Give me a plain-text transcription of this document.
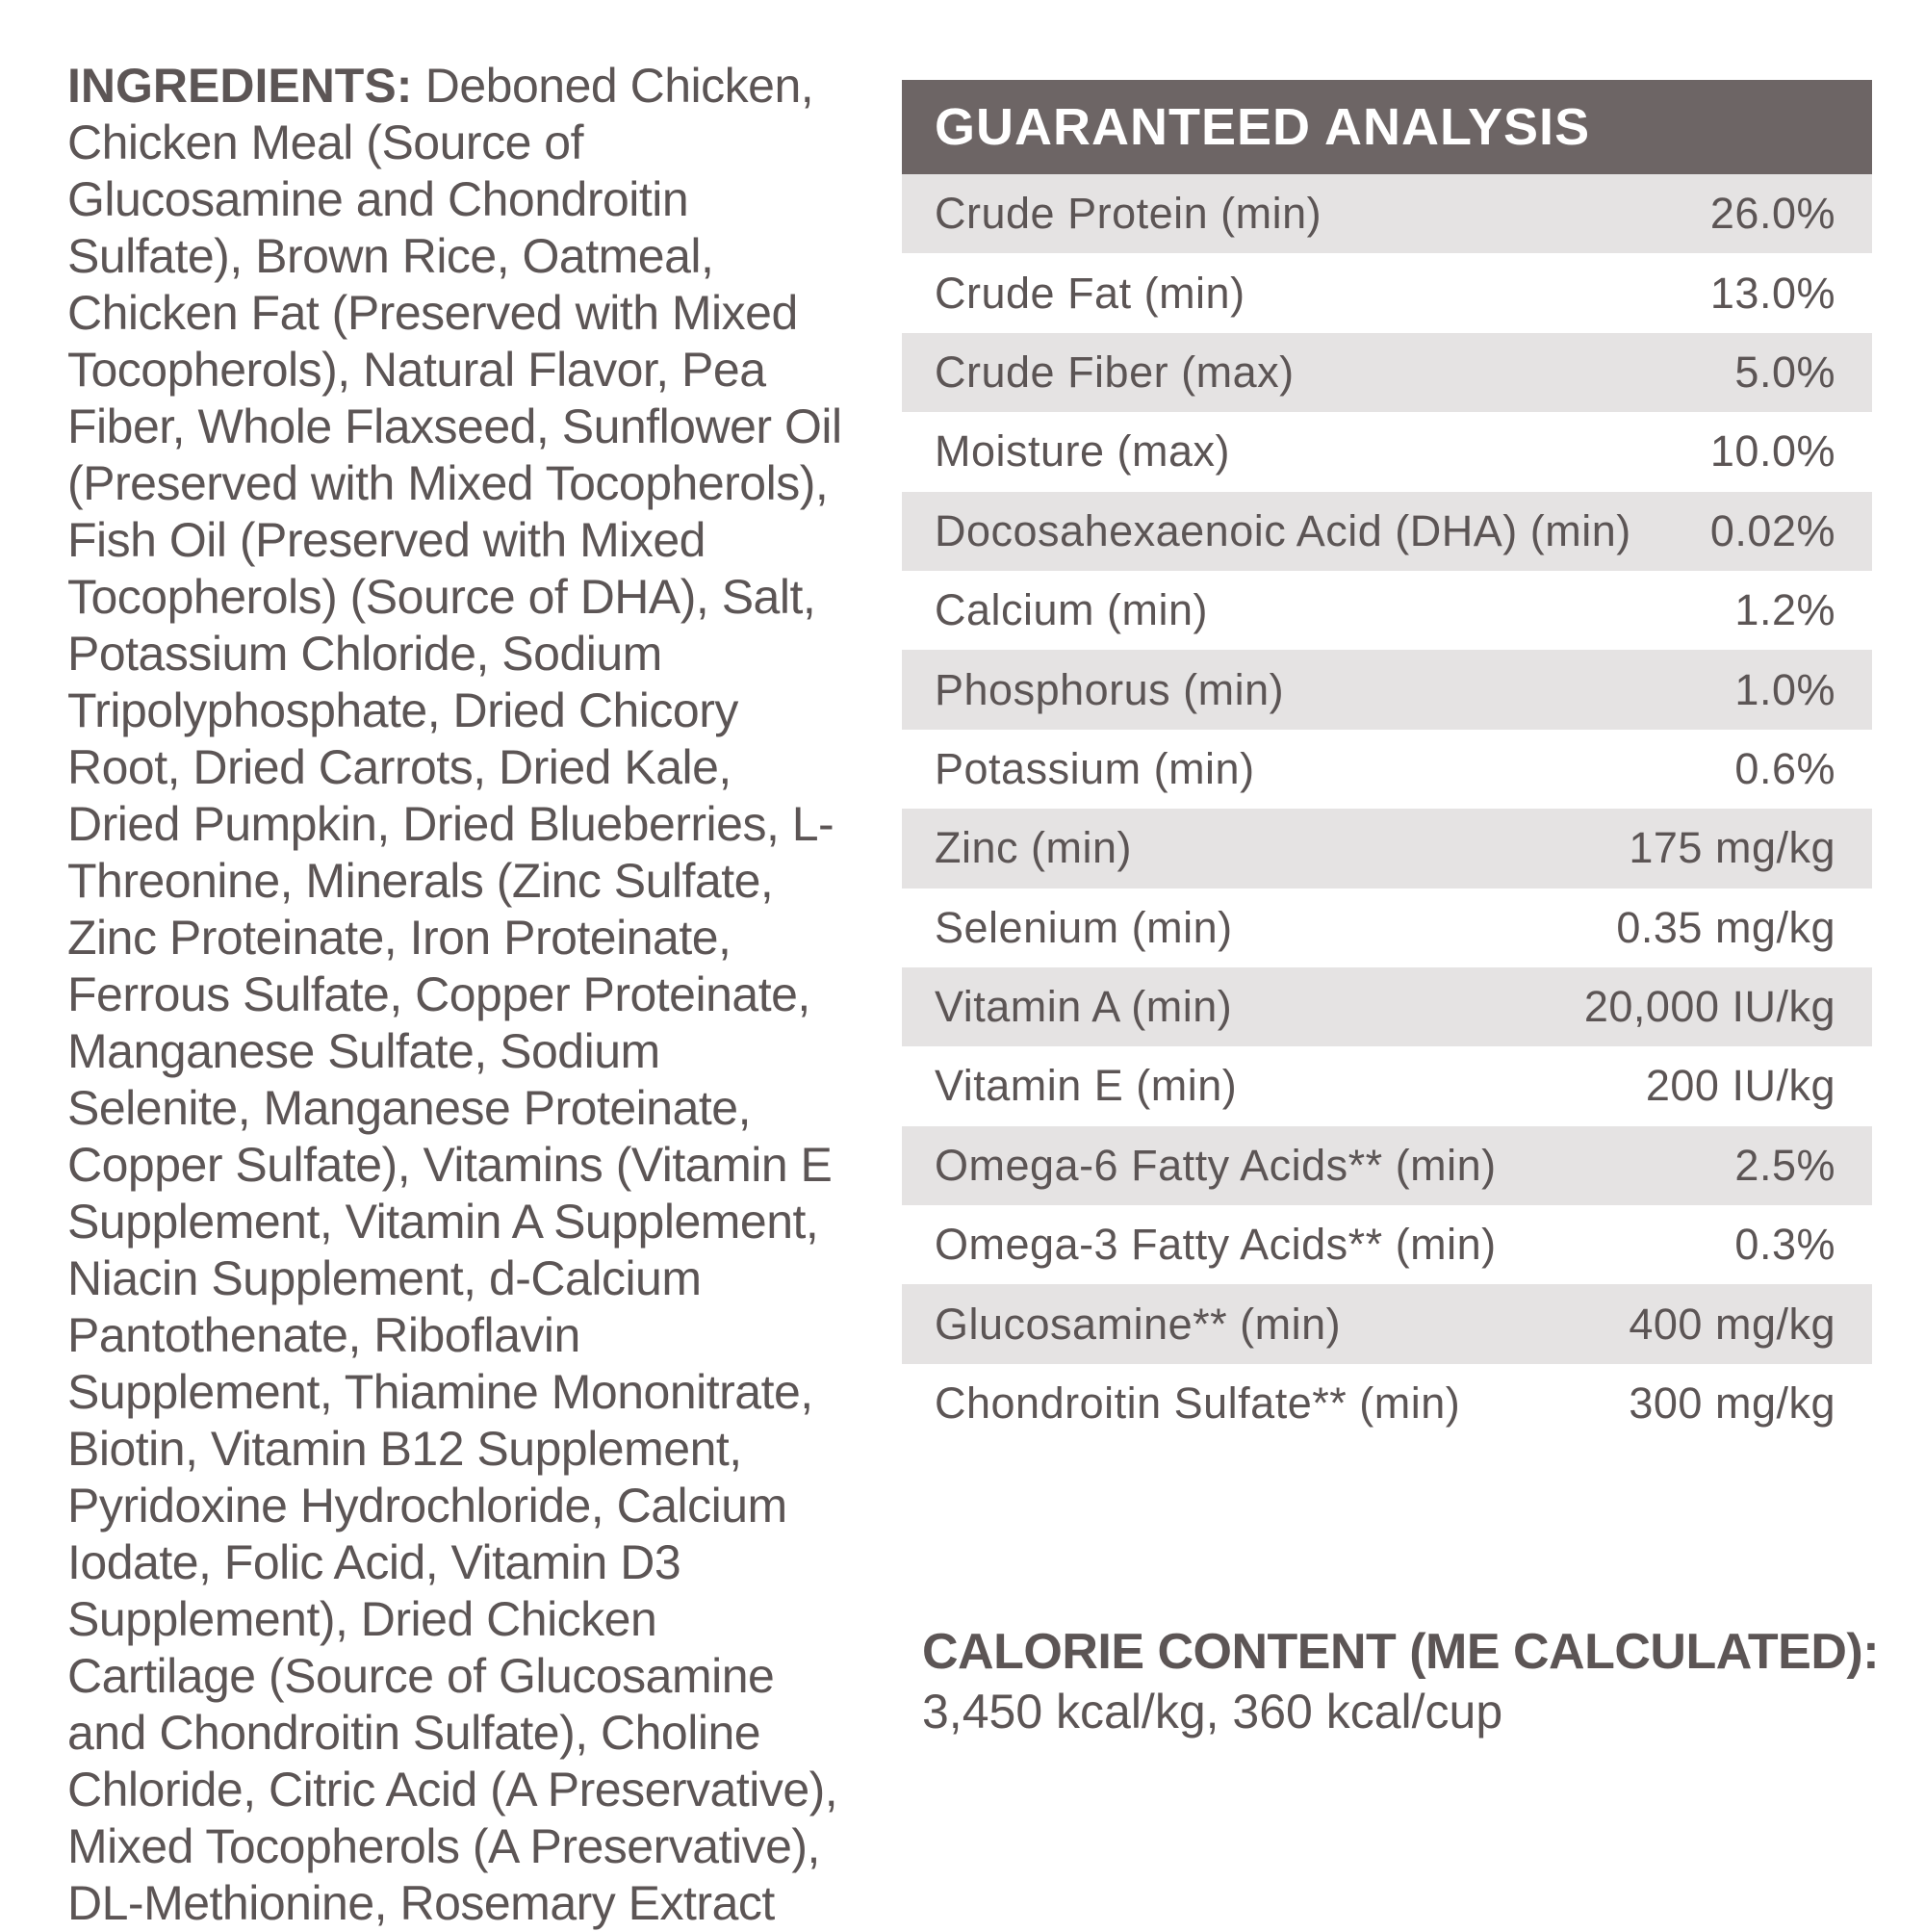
INGREDIENTS: Deboned Chicken, Chicken Meal (Source of Glucosamine and Chondroitin Sulfate), Brown Rice, Oatmeal, Chicken Fat (Preserved with Mixed Tocopherols), Natural Flavor, Pea Fiber, Whole Flaxseed, Sunflower Oil (Preserved with Mixed Tocopherols), Fish Oil (Preserved with Mixed Tocopherols) (Source of DHA), Salt, Potassium Chloride, Sodium Tripolyphosphate, Dried Chicory Root, Dried Carrots, Dried Kale, Dried Pumpkin, Dried Blueberries, L-Threonine, Minerals (Zinc Sulfate, Zinc Proteinate, Iron Proteinate, Ferrous Sulfate, Copper Proteinate, Manganese Sulfate, Sodium Selenite, Manganese Proteinate, Copper Sulfate), Vitamins (Vitamin E Supplement, Vitamin A Supplement, Niacin Supplement, d-Calcium Pantothenate, Riboflavin Supplement, Thiamine Mononitrate, Biotin, Vitamin B12 Supplement, Pyridoxine Hydrochloride, Calcium Iodate, Folic Acid, Vitamin D3 Supplement), Dried Chicken Cartilage (Source of Glucosamine and Chondroitin Sulfate), Choline Chloride, Citric Acid (A Preservative), Mixed Tocopherols (A Preservative), DL-Methionine, Rosemary Extract
GUARANTEED ANALYSIS
Crude Protein (min)	26.0%
Crude Fat (min)	13.0%
Crude Fiber (max)	5.0%
Moisture (max)	10.0%
Docosahexaenoic Acid (DHA) (min) 0.02%
Calcium (min)	1.2%
Phosphorus (min)	1.0%
Potassium (min)	0.6%
Zinc (min)	175 mg/kg
Selenium (min)	0.35 mg/kg
Vitamin A (min)	20,000 IU/kg
Vitamin E (min)	200 IU/kg
Omega-6 Fatty Acids** (min)	2.5%
Omega-3 Fatty Acids** (min)	0.3%
Glucosamine** (min)	400 mg/kg
Chondroitin Sulfate** (min)	300 mg/kg
CALORIE CONTENT (ME CALCULATED):
3,450 kcal/kg, 360 kcal/cup
